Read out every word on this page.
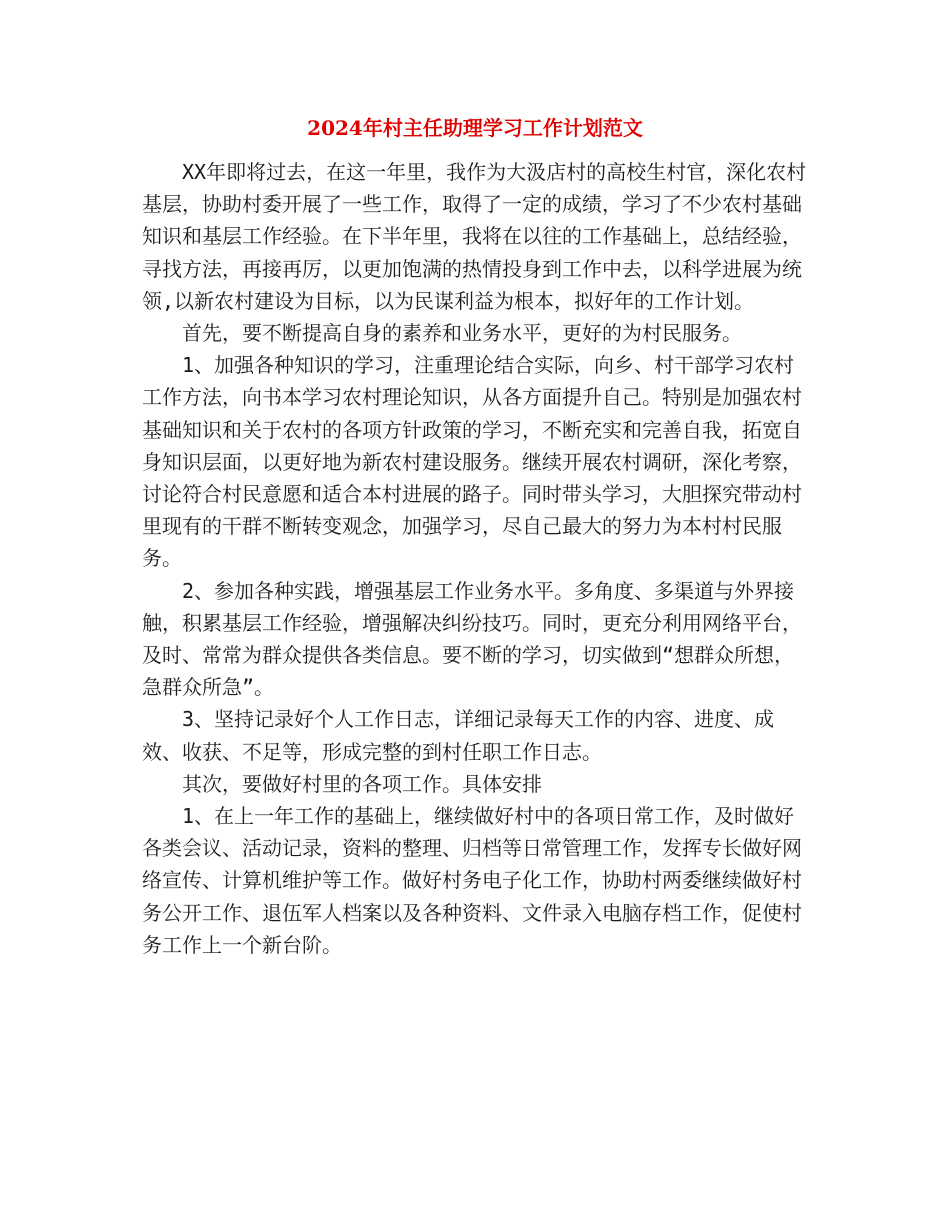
2024年村主任助理学习工作计划范文

XX年即将过去，在这一年里，我作为大汲店村的高校生村官，深化农村基层，协助村委开展了一些工作，取得了一定的成绩，学习了不少农村基础知识和基层工作经验。在下半年里，我将在以往的工作基础上，总结经验，寻找方法，再接再厉，以更加饱满的热情投身到工作中去，以科学进展为统领,以新农村建设为目标，以为民谋利益为根本，拟好年的工作计划。

首先，要不断提高自身的素养和业务水平，更好的为村民服务。

1、加强各种知识的学习，注重理论结合实际，向乡、村干部学习农村工作方法，向书本学习农村理论知识，从各方面提升自己。特别是加强农村基础知识和关于农村的各项方针政策的学习，不断充实和完善自我，拓宽自身知识层面，以更好地为新农村建设服务。继续开展农村调研，深化考察，讨论符合村民意愿和适合本村进展的路子。同时带头学习，大胆探究带动村里现有的干群不断转变观念，加强学习，尽自己最大的努力为本村村民服务。

2、参加各种实践，增强基层工作业务水平。多角度、多渠道与外界接触，积累基层工作经验，增强解决纠纷技巧。同时，更充分利用网络平台，及时、常常为群众提供各类信息。要不断的学习，切实做到“想群众所想，急群众所急”。

3、坚持记录好个人工作日志，详细记录每天工作的内容、进度、成效、收获、不足等，形成完整的到村任职工作日志。

其次，要做好村里的各项工作。具体安排

1、在上一年工作的基础上，继续做好村中的各项日常工作，及时做好各类会议、活动记录，资料的整理、归档等日常管理工作，发挥专长做好网络宣传、计算机维护等工作。做好村务电子化工作，协助村两委继续做好村务公开工作、退伍军人档案以及各种资料、文件录入电脑存档工作，促使村务工作上一个新台阶。
